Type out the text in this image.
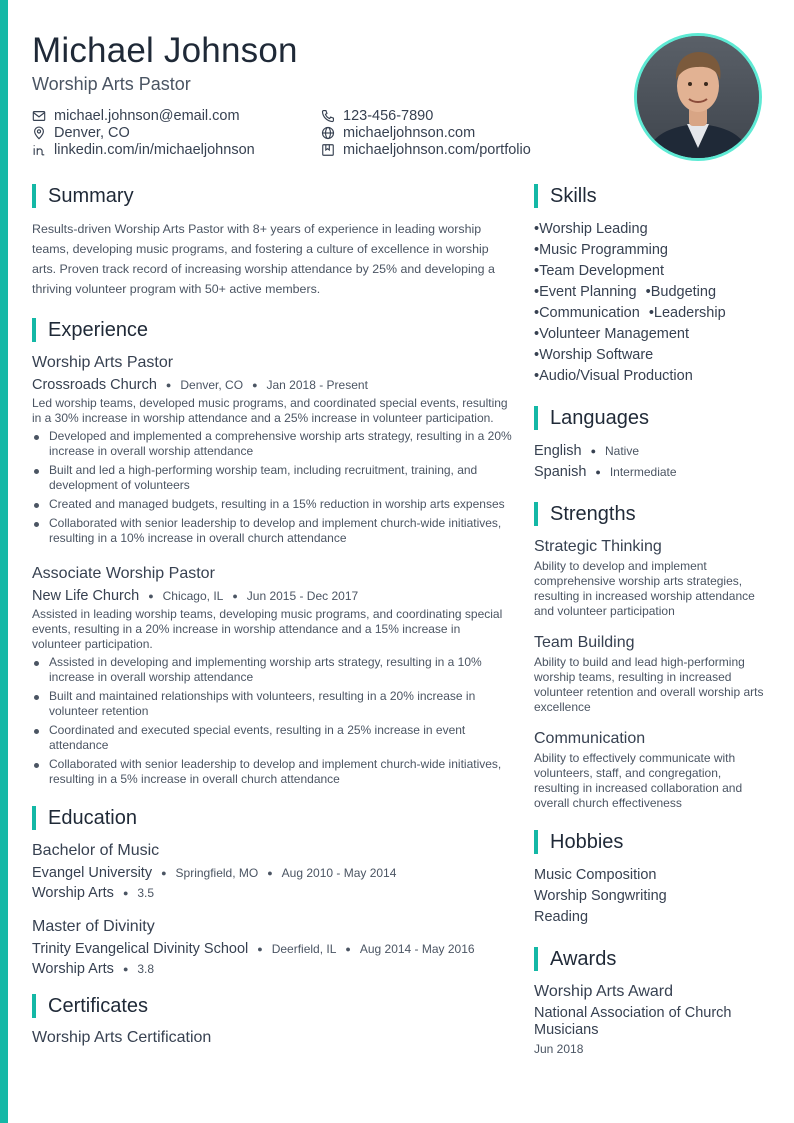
Michael Johnson
Worship Arts Pastor
michael.johnson@email.com	123-456-7890
Denver, CO	michaeljohnson.com
linkedin.com/in/michaeljohnson	michaeljohnson.com/portfolio
Summary

Results-driven Worship Arts Pastor with 8+ years of experience in leading worship teams, developing music programs, and fostering a culture of excellence in worship arts. Proven track record of increasing worship attendance by 25% and developing a thriving volunteer program with 50+ active members.

Experience
Worship Arts Pastor
Crossroads Church ● Denver, CO ● Jan 2018 - Present
Led worship teams, developed music programs, and coordinated special events, resulting in a 30% increase in worship attendance and a 25% increase in volunteer participation.
Developed and implemented a comprehensive worship arts strategy, resulting in a 20% increase in overall worship attendance
Built and led a high-performing worship team, including recruitment, training, and development of volunteers
Created and managed budgets, resulting in a 15% reduction in worship arts expenses
Collaborated with senior leadership to develop and implement church-wide initiatives, resulting in a 10% increase in overall church attendance
Associate Worship Pastor
New Life Church ● Chicago, IL ● Jun 2015 - Dec 2017
Assisted in leading worship teams, developing music programs, and coordinating special events, resulting in a 20% increase in worship attendance and a 15% increase in volunteer participation.
Assisted in developing and implementing worship arts strategy, resulting in a 10% increase in overall worship attendance
Built and maintained relationships with volunteers, resulting in a 20% increase in volunteer retention
Coordinated and executed special events, resulting in a 25% increase in event attendance
Collaborated with senior leadership to develop and implement church-wide initiatives, resulting in a 5% increase in overall church attendance
Education
Bachelor of Music
Evangel University ● Springfield, MO ● Aug 2010 - May 2014
Worship Arts ● 3.5
Master of Divinity
Trinity Evangelical Divinity School ● Deerfield, IL ● Aug 2014 - May 2016
Worship Arts ● 3.8
Certificates
Worship Arts Certification
Skills
• Worship Leading
• Music Programming
• Team Development
• Event Planning • Budgeting
• Communication • Leadership
• Volunteer Management
• Worship Software
• Audio/Visual Production
Languages
English ● Native
Spanish ● Intermediate
Strengths
Strategic Thinking
Ability to develop and implement comprehensive worship arts strategies, resulting in increased worship attendance and volunteer participation
Team Building
Ability to build and lead high-performing worship teams, resulting in increased volunteer retention and overall worship arts excellence
Communication
Ability to effectively communicate with volunteers, staff, and congregation, resulting in increased collaboration and overall church effectiveness
Hobbies
Music Composition
Worship Songwriting
Reading
Awards
Worship Arts Award
National Association of Church Musicians
Jun 2018
